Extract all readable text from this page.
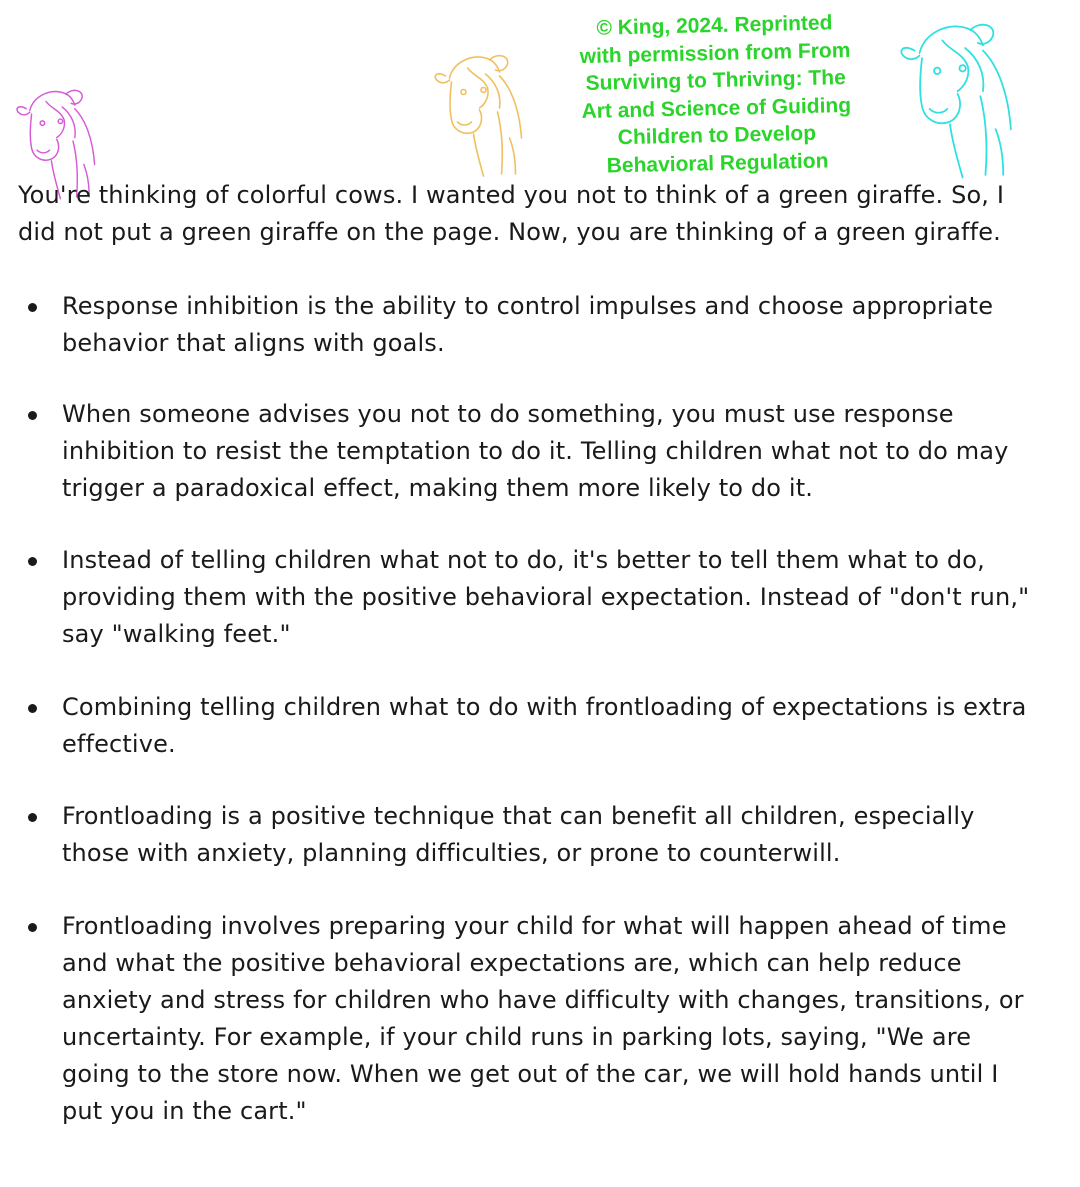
© King, 2024. Reprinted
with permission from From
Surviving to Thriving: The
Art and Science of Guiding
Children to Develop
Behavioral Regulation

You're thinking of colorful cows. I wanted you not to think of a green giraffe. So, I
did not put a green giraffe on the page. Now, you are thinking of a green giraffe.

Response inhibition is the ability to control impulses and choose appropriate
behavior that aligns with goals.
When someone advises you not to do something, you must use response
inhibition to resist the temptation to do it. Telling children what not to do may
trigger a paradoxical effect, making them more likely to do it.
Instead of telling children what not to do, it's better to tell them what to do,
providing them with the positive behavioral expectation. Instead of "don't run,"
say "walking feet."
Combining telling children what to do with frontloading of expectations is extra
effective.
Frontloading is a positive technique that can benefit all children, especially
those with anxiety, planning difficulties, or prone to counterwill.
Frontloading involves preparing your child for what will happen ahead of time
and what the positive behavioral expectations are, which can help reduce
anxiety and stress for children who have difficulty with changes, transitions, or
uncertainty. For example, if your child runs in parking lots, saying, "We are
going to the store now. When we get out of the car, we will hold hands until I
put you in the cart."
